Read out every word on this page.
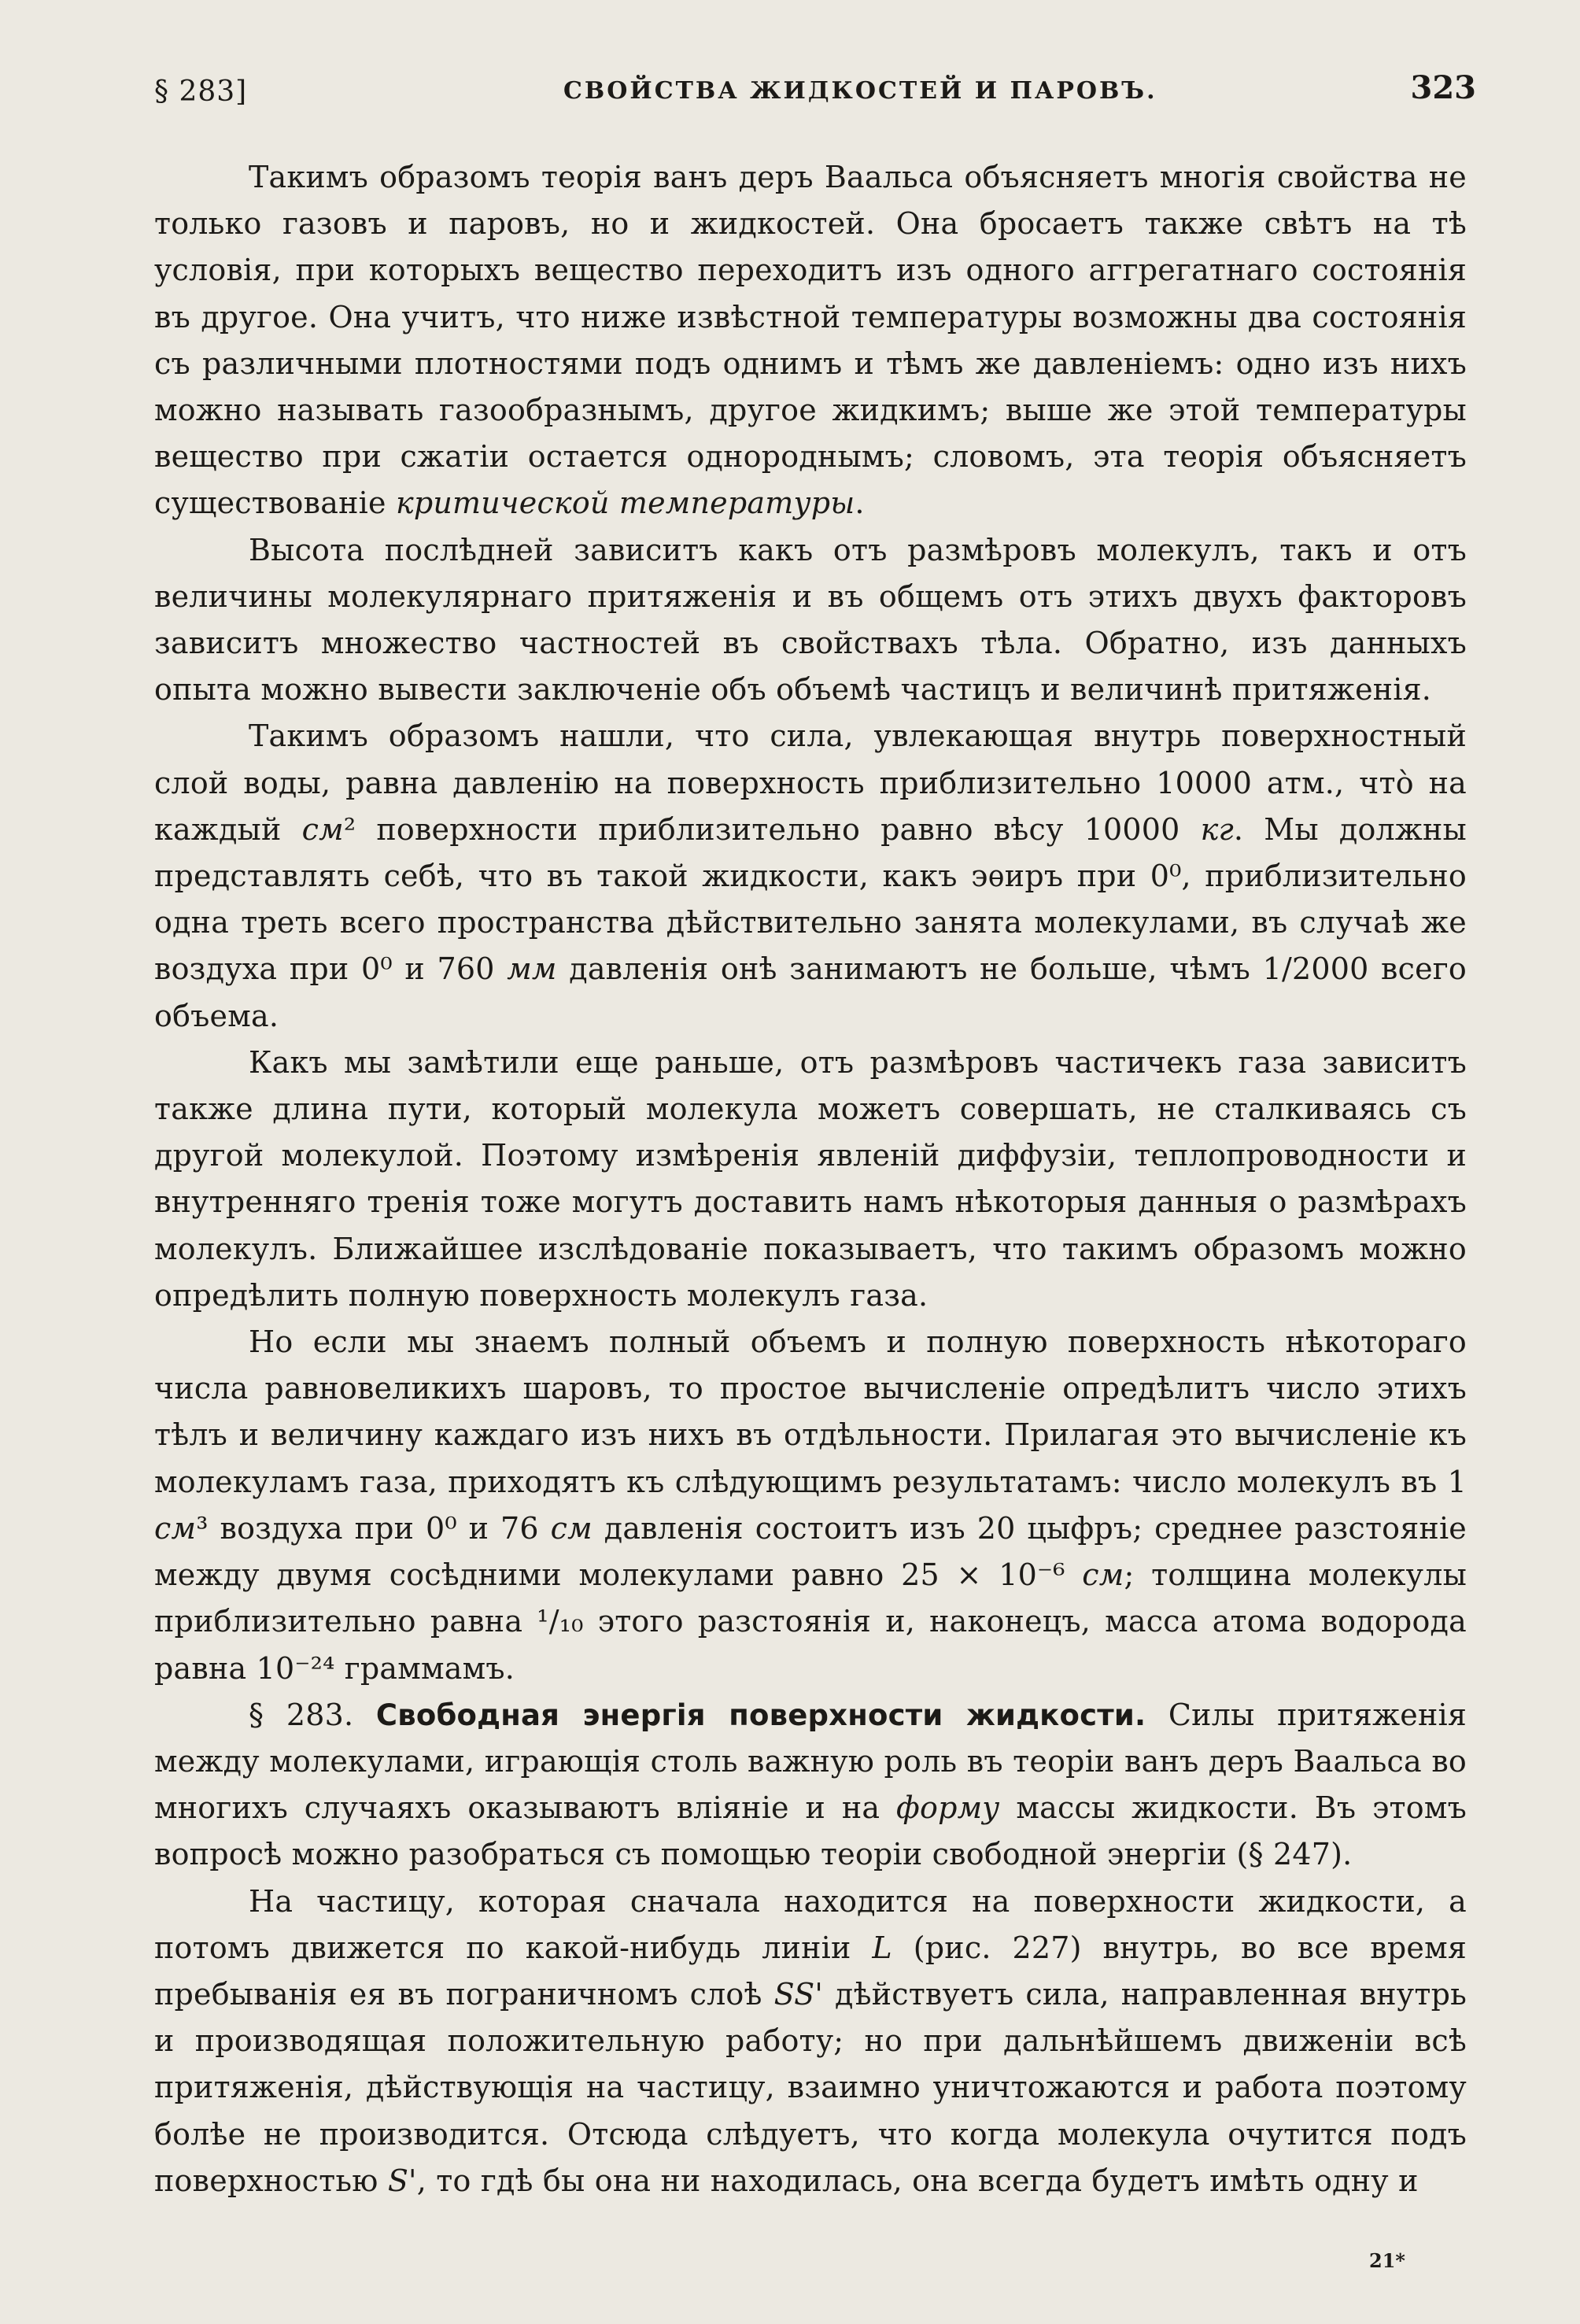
§ 283]	СВОЙСТВА ЖИДКОСТЕЙ И ПАРОВЪ.	323

Такимъ образомъ теорія ванъ деръ Ваальса объясняетъ многія свойства не только газовъ и паровъ, но и жидкостей. Она бросаетъ также свѣтъ на тѣ условія, при которыхъ вещество переходитъ изъ одного аггрегатнаго состоянія въ другое. Она учитъ, что ниже извѣстной температуры возможны два состоянія съ различными плотностями подъ однимъ и тѣмъ же давленіемъ: одно изъ нихъ можно называть газообразнымъ, другое жидкимъ; выше же этой температуры вещество при сжатіи остается однороднымъ; словомъ, эта теорія объясняетъ существованіе критической температуры.

Высота послѣдней зависитъ какъ отъ размѣровъ молекулъ, такъ и отъ величины молекулярнаго притяженія и въ общемъ отъ этихъ двухъ факторовъ зависитъ множество частностей въ свойствахъ тѣла. Обратно, изъ данныхъ опыта можно вывести заключеніе объ объемѣ частицъ и величинѣ притяженія.

Такимъ образомъ нашли, что сила, увлекающая внутрь поверхностный слой воды, равна давленію на поверхность приблизительно 10000 атм., что̀ на каждый см² поверхности приблизительно равно вѣсу 10000 кг. Мы должны представлять себѣ, что въ такой жидкости, какъ эѳиръ при 0⁰, приблизительно одна треть всего пространства дѣйствительно занята молекулами, въ случаѣ же воздуха при 0⁰ и 760 мм давленія онѣ занимаютъ не больше, чѣмъ 1/2000 всего объема.

Какъ мы замѣтили еще раньше, отъ размѣровъ частичекъ газа зависитъ также длина пути, который молекула можетъ совершать, не сталкиваясь съ другой молекулой. Поэтому измѣренія явленій диффузіи, теплопроводности и внутренняго тренія тоже могутъ доставить намъ нѣкоторыя данныя о размѣрахъ молекулъ. Ближайшее изслѣдованіе показываетъ, что такимъ образомъ можно опредѣлить полную поверхность молекулъ газа.

Но если мы знаемъ полный объемъ и полную поверхность нѣкотораго числа равновеликихъ шаровъ, то простое вычисленіе опредѣлитъ число этихъ тѣлъ и величину каждаго изъ нихъ въ отдѣльности. Прилагая это вычисленіе къ молекуламъ газа, приходятъ къ слѣдующимъ результатамъ: число молекулъ въ 1 см³ воздуха при 0⁰ и 76 см давленія состоитъ изъ 20 цыфръ; среднее разстояніе между двумя сосѣдними молекулами равно 25 × 10⁻⁶ см; толщина молекулы приблизительно равна ¹/₁₀ этого разстоянія и, наконецъ, масса атома водорода равна 10⁻²⁴ граммамъ.

§ 283. Свободная энергія поверхности жидкости. Силы притяженія между молекулами, играющія столь важную роль въ теоріи ванъ деръ Ваальса во многихъ случаяхъ оказываютъ вліяніе и на форму массы жидкости. Въ этомъ вопросѣ можно разобраться съ помощью теоріи свободной энергіи (§ 247).

На частицу, которая сначала находится на поверхности жидкости, а потомъ движется по какой-нибудь линіи L (рис. 227) внутрь, во все время пребыванія ея въ пограничномъ слоѣ SS' дѣйствуетъ сила, направленная внутрь и производящая положительную работу; но при дальнѣйшемъ движеніи всѣ притяженія, дѣйствующія на частицу, взаимно уничтожаются и работа поэтому болѣе не производится. Отсюда слѣдуетъ, что когда молекула очутится подъ поверхностью S', то гдѣ бы она ни находилась, она всегда будетъ имѣть одну и

21*
